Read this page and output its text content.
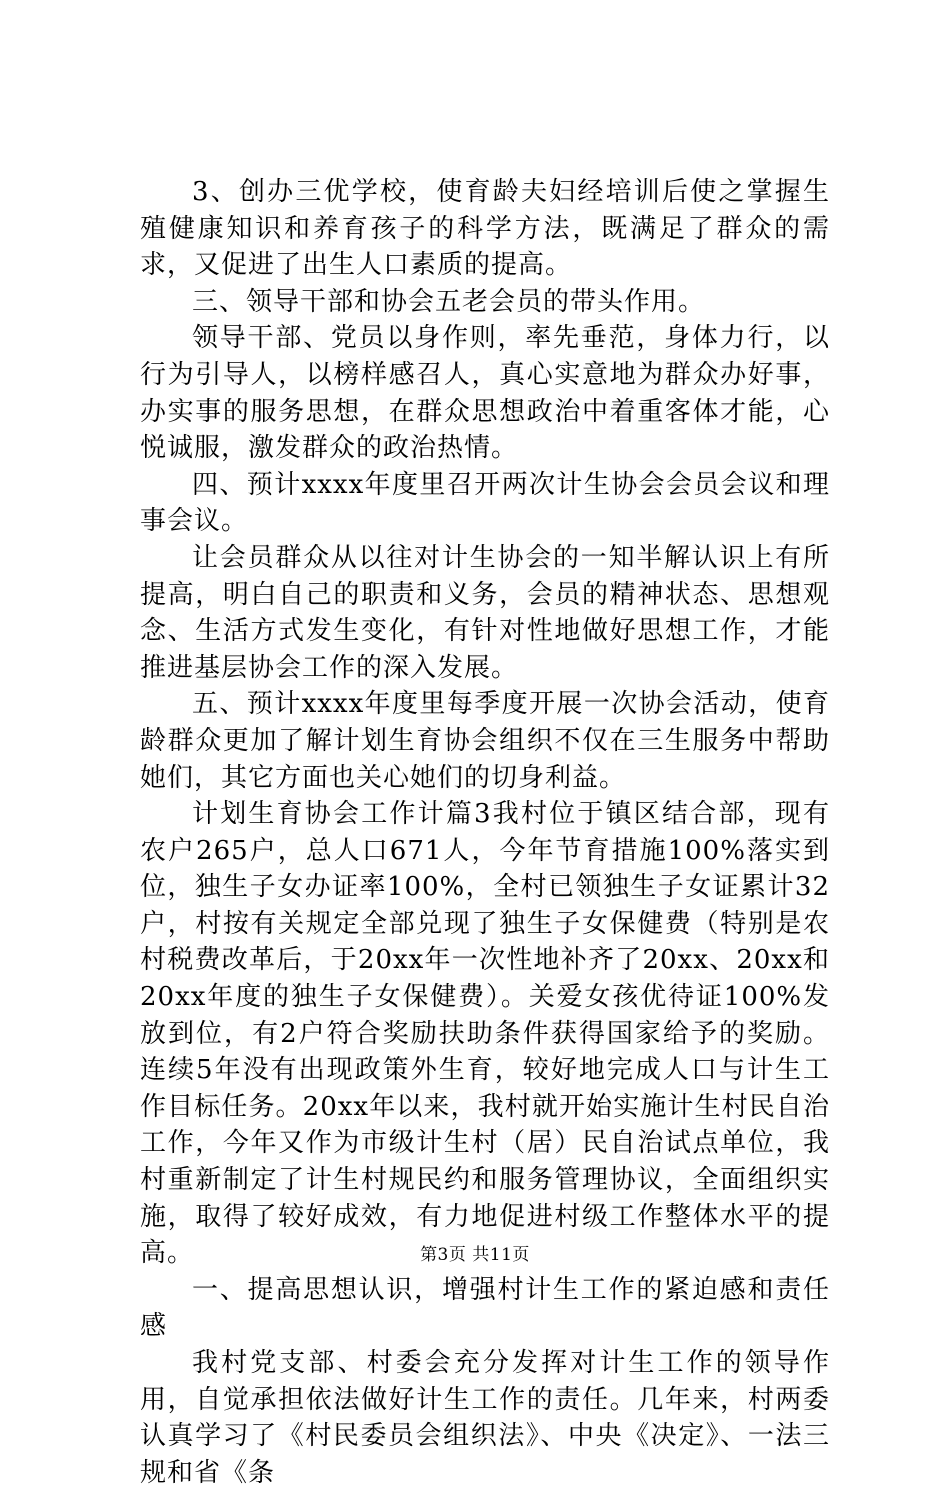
3、创办三优学校，使育龄夫妇经培训后使之掌握生殖健康知识和养育孩子的科学方法，既满足了群众的需求，又促进了出生人口素质的提高。

三、领导干部和协会五老会员的带头作用。

领导干部、党员以身作则，率先垂范，身体力行，以行为引导人，以榜样感召人，真心实意地为群众办好事，办实事的服务思想，在群众思想政治中着重客体才能，心悦诚服，激发群众的政治热情。

四、预计xxxx年度里召开两次计生协会会员会议和理事会议。

让会员群众从以往对计生协会的一知半解认识上有所提高，明白自己的职责和义务，会员的精神状态、思想观念、生活方式发生变化，有针对性地做好思想工作，才能推进基层协会工作的深入发展。

五、预计xxxx年度里每季度开展一次协会活动，使育龄群众更加了解计划生育协会组织不仅在三生服务中帮助她们，其它方面也关心她们的切身利益。

计划生育协会工作计篇3我村位于镇区结合部，现有农户265户，总人口671人，今年节育措施100%落实到位，独生子女办证率100%，全村已领独生子女证累计32户，村按有关规定全部兑现了独生子女保健费（特别是农村税费改革后，于20xx年一次性地补齐了20xx、20xx和20xx年度的独生子女保健费）。关爱女孩优待证100%发放到位，有2户符合奖励扶助条件获得国家给予的奖励。连续5年没有出现政策外生育，较好地完成人口与计生工作目标任务。20xx年以来，我村就开始实施计生村民自治工作，今年又作为市级计生村（居）民自治试点单位，我村重新制定了计生村规民约和服务管理协议，全面组织实施，取得了较好成效，有力地促进村级工作整体水平的提高。

一、提高思想认识，增强村计生工作的紧迫感和责任感

我村党支部、村委会充分发挥对计生工作的领导作用，自觉承担依法做好计生工作的责任。几年来，村两委认真学习了《村民委员会组织法》、中央《决定》、一法三规和省《条

第3页 共11页
